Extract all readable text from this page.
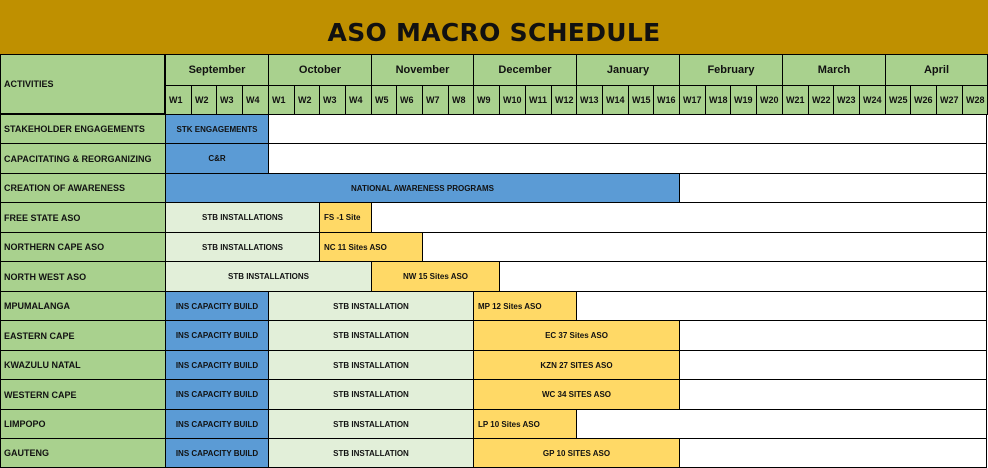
ASO MACRO SCHEDULE
ACTIVITIES
September	October	November	December	January	February	March	April
W1 W2 W3 W4 W1 W2 W3 W4 W5 W6 W7 W8 W9 W10 W11 W12 W13 W14 W15 W16 W17 W18 W19 W20 W21 W22 W23 W24 W25 W26 W27 W28
STAKEHOLDER ENGAGEMENTS	STK ENGAGEMENTS
CAPACITATING & REORGANIZING	C&R
CREATION OF AWARENESS	NATIONAL AWARENESS PROGRAMS
FREE STATE ASO	STB INSTALLATIONS	FS -1 Site
NORTHERN CAPE ASO	STB INSTALLATIONS	NC 11 Sites ASO
NORTH WEST ASO	STB INSTALLATIONS	NW 15 Sites ASO
MPUMALANGA	INS CAPACITY BUILD	STB INSTALLATION	MP 12 Sites ASO
EASTERN CAPE	INS CAPACITY BUILD	STB INSTALLATION	EC 37 Sites ASO
KWAZULU NATAL	INS CAPACITY BUILD	STB INSTALLATION	KZN 27 SITES ASO
WESTERN CAPE	INS CAPACITY BUILD	STB INSTALLATION	WC 34 SITES ASO
LIMPOPO	INS CAPACITY BUILD	STB INSTALLATION	LP 10 Sites ASO
GAUTENG	INS CAPACITY BUILD	STB INSTALLATION	GP 10 SITES ASO
